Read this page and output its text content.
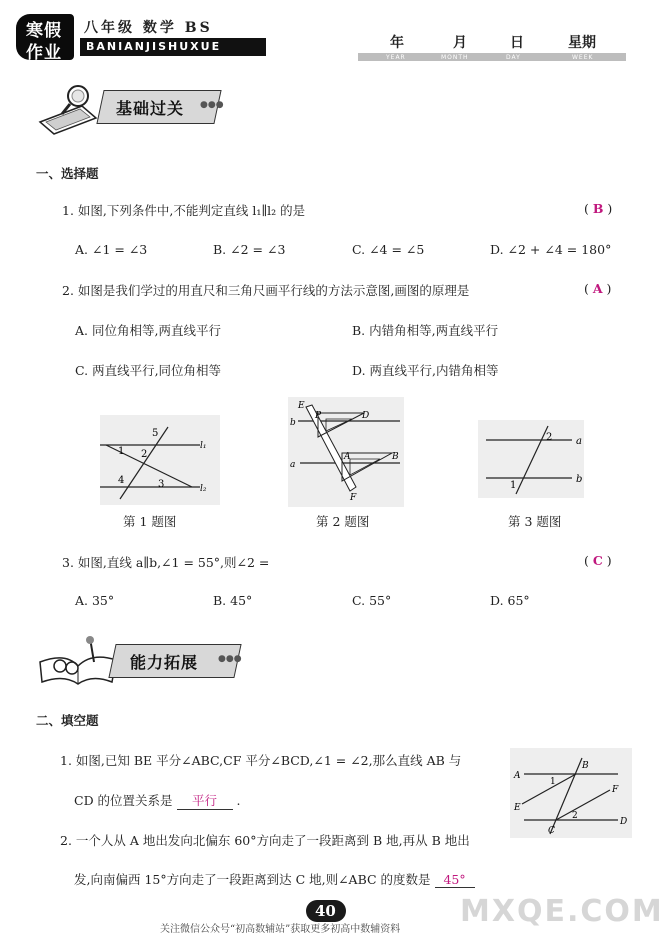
寒假
作业
八年级 数学 BS
BANIANJISHUXUE	年	月	日	星期
YEAR	MONTH	DAY	WEEK
基础过关 ●●●
一、选择题
1. 如图,下列条件中,不能判定直线 l₁∥l₂ 的是	( B )
A. ∠1 = ∠3	B. ∠2 = ∠3	C. ∠4 = ∠5	D. ∠2 + ∠4 = 180°
2. 如图是我们学过的用直尺和三角尺画平行线的方法示意图,画图的原理是	( A )
A. 同位角相等,两直线平行	B. 内错角相等,两直线平行
C. 两直线平行,同位角相等	D. 两直线平行,内错角相等
5
1 2
4	3
l₁
l₂
第 1 题图
E
P	D
b
A	B
a
F
第 2 题图
2 a
1
b
第 3 题图
3. 如图,直线 a∥b,∠1 = 55°,则∠2 =	( C )
A. 35°	B. 45°	C. 55°	D. 65°
能力拓展 ●●●
二、填空题
1. 如图,已知 BE 平分∠ABC,CF 平分∠BCD,∠1 = ∠2,那么直线 AB 与
CD 的位置关系是 平行 .
2. 一个人从 A 地出发向北偏东 60°方向走了一段距离到 B 地,再从 B 地出
发,向南偏西 15°方向走了一段距离到达 C 地,则∠ABC 的度数是 45°
A
B
1
F
E
C
2
D
MXQE.COM
40
关注微信公众号“初高数辅站”获取更多初高中数辅资料
